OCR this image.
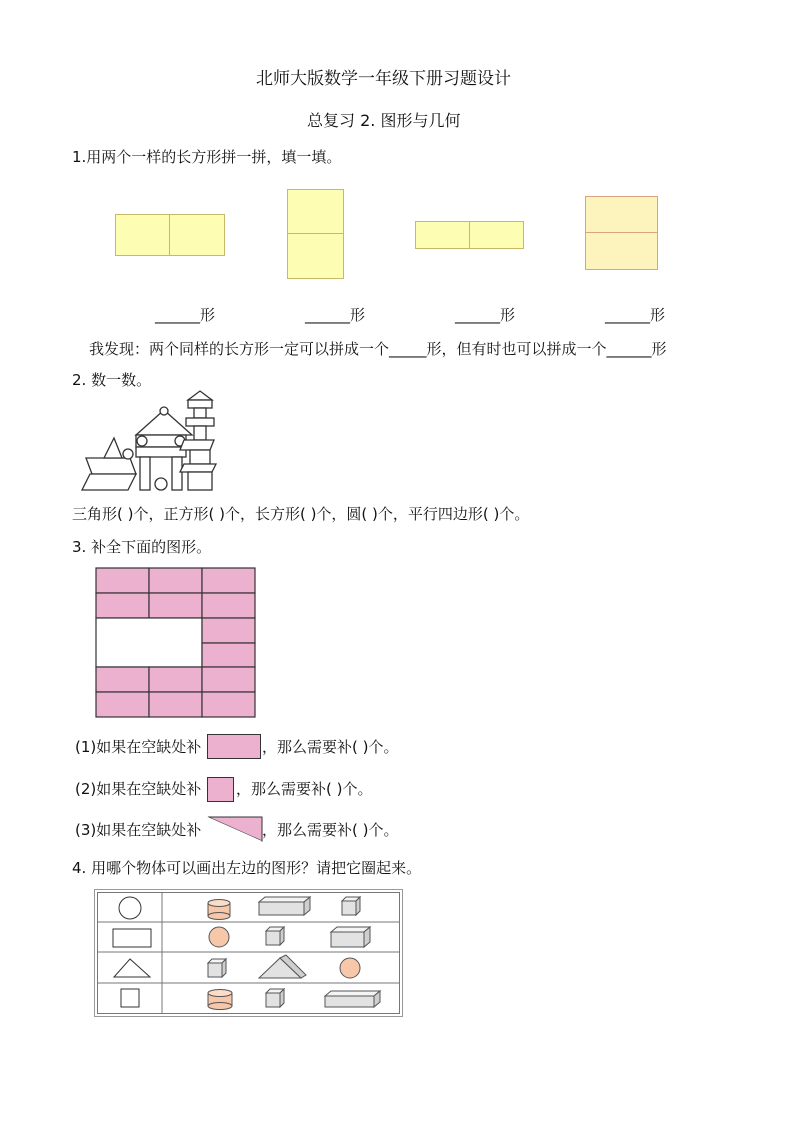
北师大版数学一年级下册习题设计
总复习 2. 图形与几何
1.用两个一样的长方形拼一拼，填一填。
______形	______形	______形	______形
我发现：两个同样的长方形一定可以拼成一个_____形，但有时也可以拼成一个______形
2. 数一数。
三角形( )个，正方形( )个，长方形( )个，圆( )个，平行四边形( )个。
3. 补全下面的图形。
(1)如果在空缺处补	，那么需要补( )个。
(2)如果在空缺处补 ，那么需要补( )个。
(3)如果在空缺处补	，那么需要补( )个。
4. 用哪个物体可以画出左边的图形？请把它圈起来。
